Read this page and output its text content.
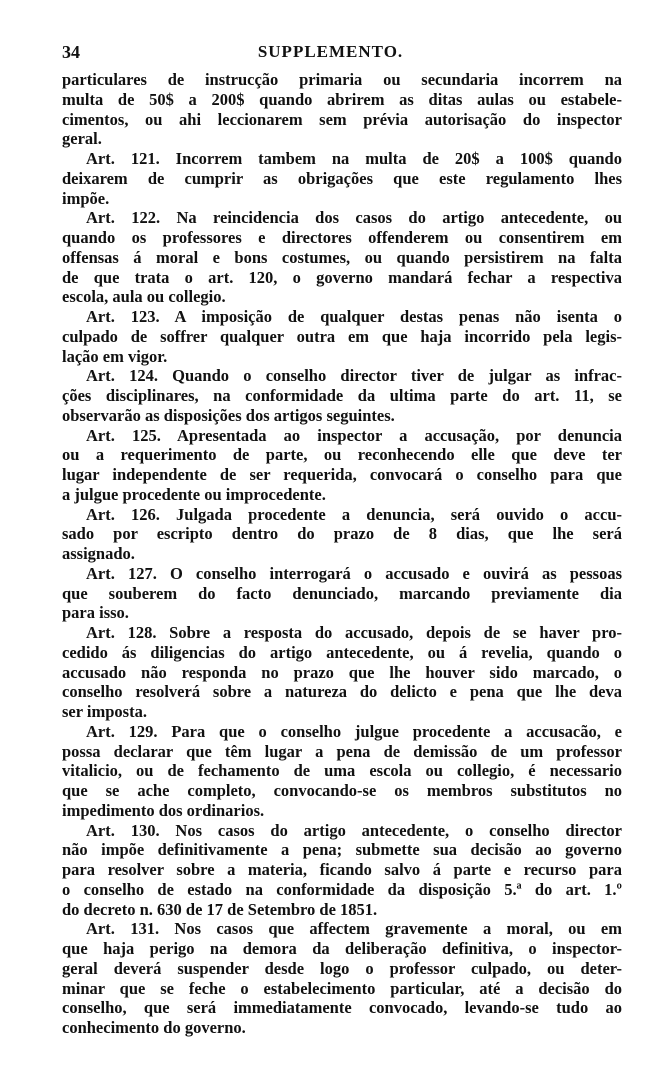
34	SUPPLEMENTO.
particulares de instrucção primaria ou secundaria incorrem na
multa de 50$ a 200$ quando abrirem as ditas aulas ou estabele-
cimentos, ou ahi leccionarem sem prévia autorisação do inspector
geral.
Art. 121. Incorrem tambem na multa de 20$ a 100$ quando
deixarem de cumprir as obrigações que este regulamento lhes
impõe.
Art. 122. Na reincidencia dos casos do artigo antecedente, ou
quando os professores e directores offenderem ou consentirem em
offensas á moral e bons costumes, ou quando persistirem na falta
de que trata o art. 120, o governo mandará fechar a respectiva
escola, aula ou collegio.
Art. 123. A imposição de qualquer destas penas não isenta o
culpado de soffrer qualquer outra em que haja incorrido pela legis-
lação em vigor.
Art. 124. Quando o conselho director tiver de julgar as infrac-
ções disciplinares, na conformidade da ultima parte do art. 11, se
observarão as disposições dos artigos seguintes.
Art. 125. Apresentada ao inspector a accusação, por denuncia
ou a requerimento de parte, ou reconhecendo elle que deve ter
lugar independente de ser requerida, convocará o conselho para que
a julgue procedente ou improcedente.
Art. 126. Julgada procedente a denuncia, será ouvido o accu-
sado por escripto dentro do prazo de 8 dias, que lhe será
assignado.
Art. 127. O conselho interrogará o accusado e ouvirá as pessoas
que souberem do facto denunciado, marcando previamente dia
para isso.
Art. 128. Sobre a resposta do accusado, depois de se haver pro-
cedido ás diligencias do artigo antecedente, ou á revelia, quando o
accusado não responda no prazo que lhe houver sido marcado, o
conselho resolverá sobre a natureza do delicto e pena que lhe deva
ser imposta.
Art. 129. Para que o conselho julgue procedente a accusacão, e
possa declarar que têm lugar a pena de demissão de um professor
vitalicio, ou de fechamento de uma escola ou collegio, é necessario
que se ache completo, convocando-se os membros substitutos no
impedimento dos ordinarios.
Art. 130. Nos casos do artigo antecedente, o conselho director
não impõe definitivamente a pena; submette sua decisão ao governo
para resolver sobre a materia, ficando salvo á parte e recurso para
o conselho de estado na conformidade da disposição 5.ª do art. 1.º
do decreto n. 630 de 17 de Setembro de 1851.
Art. 131. Nos casos que affectem gravemente a moral, ou em
que haja perigo na demora da deliberação definitiva, o inspector-
geral deverá suspender desde logo o professor culpado, ou deter-
minar que se feche o estabelecimento particular, até a decisão do
conselho, que será immediatamente convocado, levando-se tudo ao
conhecimento do governo.
